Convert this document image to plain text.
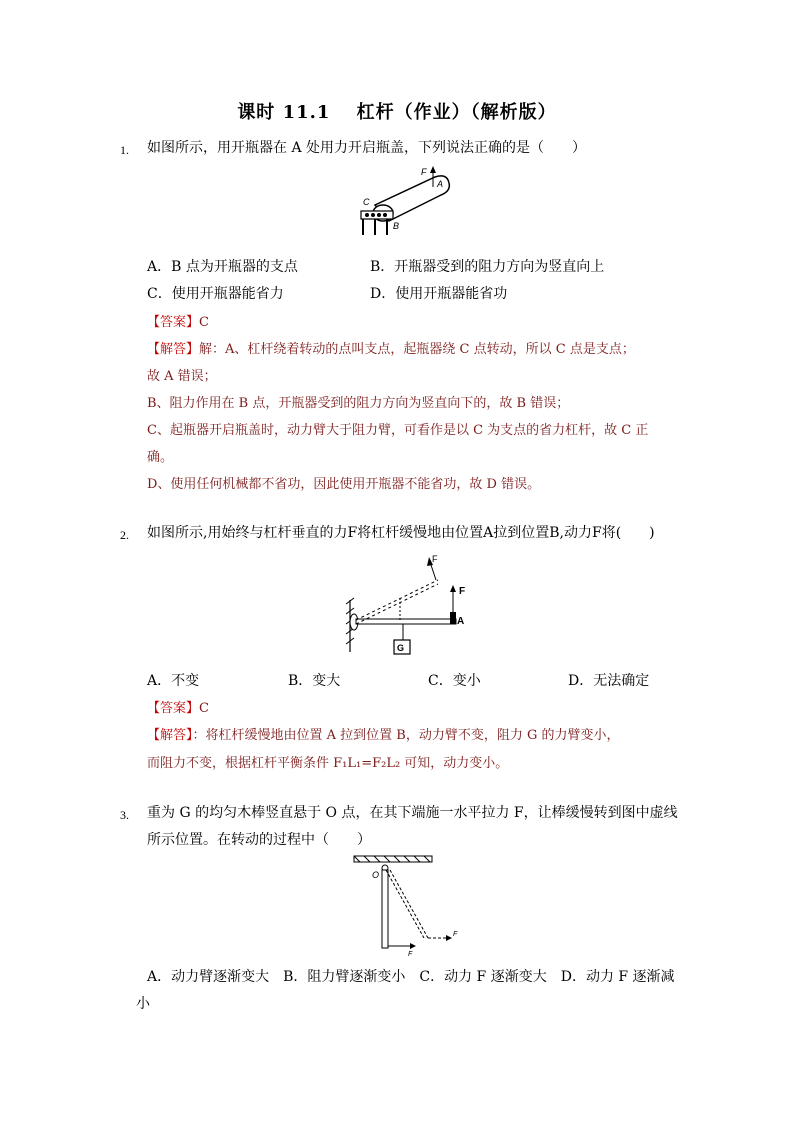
课时 11.1　 杠杆（作业）（解析版）
1. 如图所示，用开瓶器在 A 处用力开启瓶盖，下列说法正确的是（　　）
F
A
B
C
A．B 点为开瓶器的支点	B．开瓶器受到的阻力方向为竖直向上
C．使用开瓶器能省力	D．使用开瓶器能省功
【答案】C
【解答】解：A、杠杆绕着转动的点叫支点，起瓶器绕 C 点转动，所以 C 点是支点；
故 A 错误；
B、阻力作用在 B 点，开瓶器受到的阻力方向为竖直向下的，故 B 错误；
C、起瓶器开启瓶盖时，动力臂大于阻力臂，可看作是以 C 为支点的省力杠杆，故 C 正
确。
D、使用任何机械都不省功，因此使用开瓶器不能省功，故 D 错误。
2. 如图所示,用始终与杠杆垂直的力F将杠杆缓慢地由位置A拉到位置B,动力F将(　　)
G
F
A
F
A．不变	B．变大	C．变小	D．无法确定
【答案】C
【解答】：将杠杆缓慢地由位置 A 拉到位置 B，动力臂不变，阻力 G 的力臂变小，
而阻力不变，根据杠杆平衡条件 F₁L₁=F₂L₂ 可知，动力变小。
3. 重为 G 的均匀木棒竖直悬于 O 点，在其下端施一水平拉力 F，让棒缓慢转到图中虚线
所示位置。在转动的过程中（　　）
O
F
F
A．动力臂逐渐变大　B．阻力臂逐渐变小　C．动力 F 逐渐变大　D．动力 F 逐渐减
小
